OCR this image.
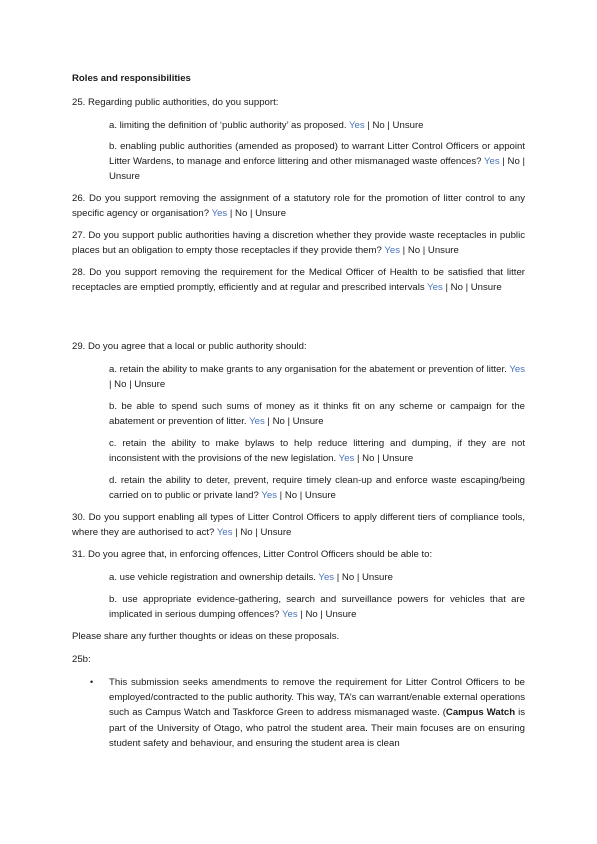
Roles and responsibilities
25. Regarding public authorities, do you support:
a. limiting the definition of ‘public authority’ as proposed. Yes | No | Unsure
b. enabling public authorities (amended as proposed) to warrant Litter Control Officers or appoint Litter Wardens, to manage and enforce littering and other mismanaged waste offences? Yes | No | Unsure
26. Do you support removing the assignment of a statutory role for the promotion of litter control to any specific agency or organisation? Yes | No | Unsure
27. Do you support public authorities having a discretion whether they provide waste receptacles in public places but an obligation to empty those receptacles if they provide them? Yes | No | Unsure
28. Do you support removing the requirement for the Medical Officer of Health to be satisfied that litter receptacles are emptied promptly, efficiently and at regular and prescribed intervals Yes | No | Unsure
29. Do you agree that a local or public authority should:
a. retain the ability to make grants to any organisation for the abatement or prevention of litter. Yes | No | Unsure
b. be able to spend such sums of money as it thinks fit on any scheme or campaign for the abatement or prevention of litter. Yes | No | Unsure
c. retain the ability to make bylaws to help reduce littering and dumping, if they are not inconsistent with the provisions of the new legislation. Yes | No | Unsure
d. retain the ability to deter, prevent, require timely clean-up and enforce waste escaping/being carried on to public or private land? Yes | No | Unsure
30. Do you support enabling all types of Litter Control Officers to apply different tiers of compliance tools, where they are authorised to act? Yes | No | Unsure
31. Do you agree that, in enforcing offences, Litter Control Officers should be able to:
a. use vehicle registration and ownership details. Yes | No | Unsure
b. use appropriate evidence-gathering, search and surveillance powers for vehicles that are implicated in serious dumping offences? Yes | No | Unsure
Please share any further thoughts or ideas on these proposals.
25b:
• This submission seeks amendments to remove the requirement for Litter Control Officers to be employed/contracted to the public authority. This way, TA’s can warrant/enable external operations such as Campus Watch and Taskforce Green to address mismanaged waste. (Campus Watch is part of the University of Otago, who patrol the student area. Their main focuses are on ensuring student safety and behaviour, and ensuring the student area is clean
